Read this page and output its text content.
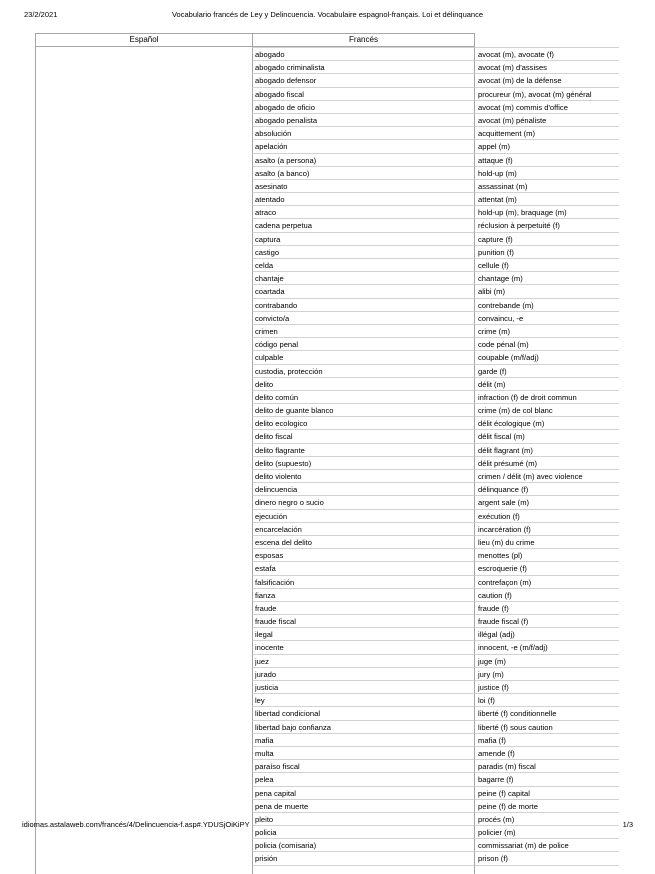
23/2/2021	Vocabulario francés de Ley y Delincuencia. Vocabulaire espagnol-français. Loi et délinquance
Español	Francés
abogado	avocat (m), avocate (f)
abogado criminalista	avocat (m) d'assises
abogado defensor	avocat (m) de la défense
abogado fiscal	procureur (m), avocat (m) général
abogado de oficio	avocat (m) commis d'office
abogado penalista	avocat (m) pénaliste
absolución	acquittement (m)
apelación	appel (m)
asalto (a persona)	attaque (f)
asalto (a banco)	hold-up (m)
asesinato	assassinat (m)
atentado	attentat (m)
atraco	hold-up (m), braquage (m)
cadena perpetua	réclusion à perpetuité (f)
captura	capture (f)
castigo	punition (f)
celda	cellule (f)
chantaje	chantage (m)
coartada	alibi (m)
contrabando	contrebande (m)
convicto/a	convaincu, -e
crimen	crime (m)
código penal	code pénal (m)
culpable	coupable (m/f/adj)
custodia, protección	garde (f)
delito	délit (m)
delito común	infraction (f) de droit commun
delito de guante blanco	crime (m) de col blanc
delito ecologico	délit écologique (m)
delito fiscal	délit fiscal (m)
delito flagrante	délit flagrant (m)
delito (supuesto)	délit présumé (m)
delito violento	crimen / délit (m) avec violence
delincuencia	délinquance (f)
dinero negro o sucio	argent sale (m)
ejecución	exécution (f)
encarcelación	incarcération (f)
escena del delito	lieu (m) du crime
esposas	menottes (pl)
estafa	escroquerie (f)
falsificación	contrefaçon (m)
fianza	caution (f)
fraude	fraude (f)
fraude fiscal	fraude fiscal (f)
ilegal	illégal (adj)
inocente	innocent, -e (m/f/adj)
juez	juge (m)
jurado	jury (m)
justicia	justice (f)
ley	loi (f)
libertad condicional	liberté (f) conditionnelle
libertad bajo confianza	liberté (f) sous caution
mafia	mafia (f)
multa	amende (f)
paraíso fiscal	paradis (m) fiscal
pelea	bagarre (f)
pena capital	peine (f) capital
pena de muerte	peine (f) de morte
pleito	procés (m)
policia	policier (m)
policia (comisaria)	commissariat (m) de police
prisión	prison (f)
idiomas.astalaweb.com/francés/4/Delincuencia-f.asp#.YDUSjOiKiPY	1/3
